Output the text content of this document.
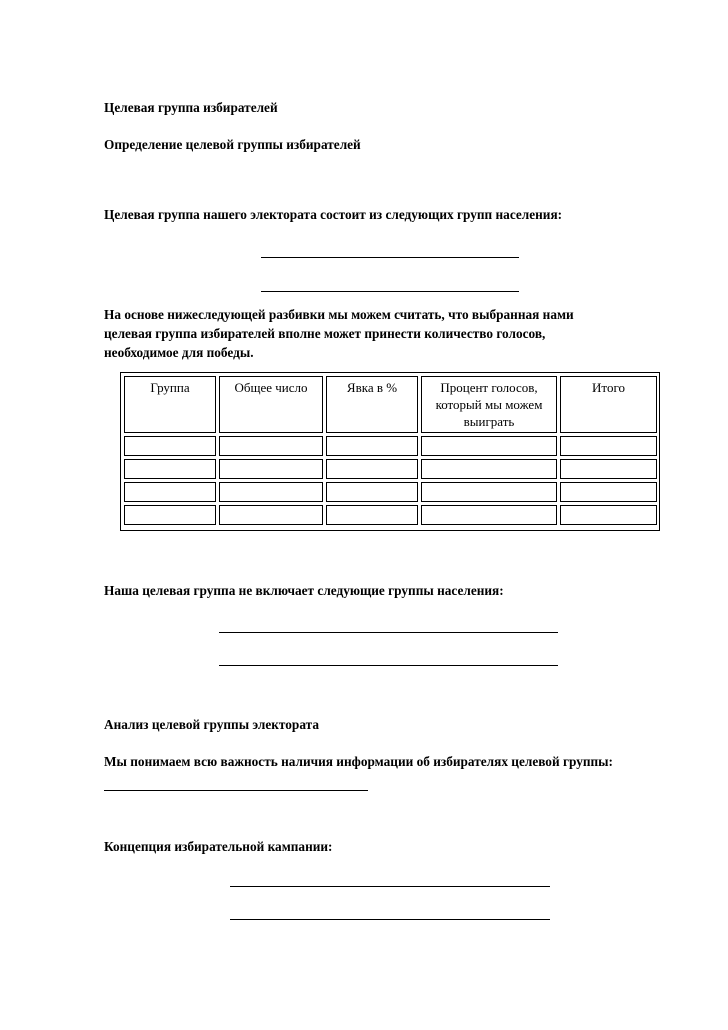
Целевая группа избирателей

Определение целевой группы избирателей

Целевая группа нашего электората состоит из следующих групп населения:

На основе нижеследующей разбивки мы можем считать, что выбранная нами

целевая группа избирателей вполне может принести количество голосов,

необходимое для победы.

Группа	Общее число	Явка в %	Процент голосов, который мы можем выиграть	Итого

Наша целевая группа не включает следующие группы населения:

Анализ целевой группы электората

Мы понимаем всю важность наличия информации об избирателях целевой группы:

Концепция избирательной кампании:
